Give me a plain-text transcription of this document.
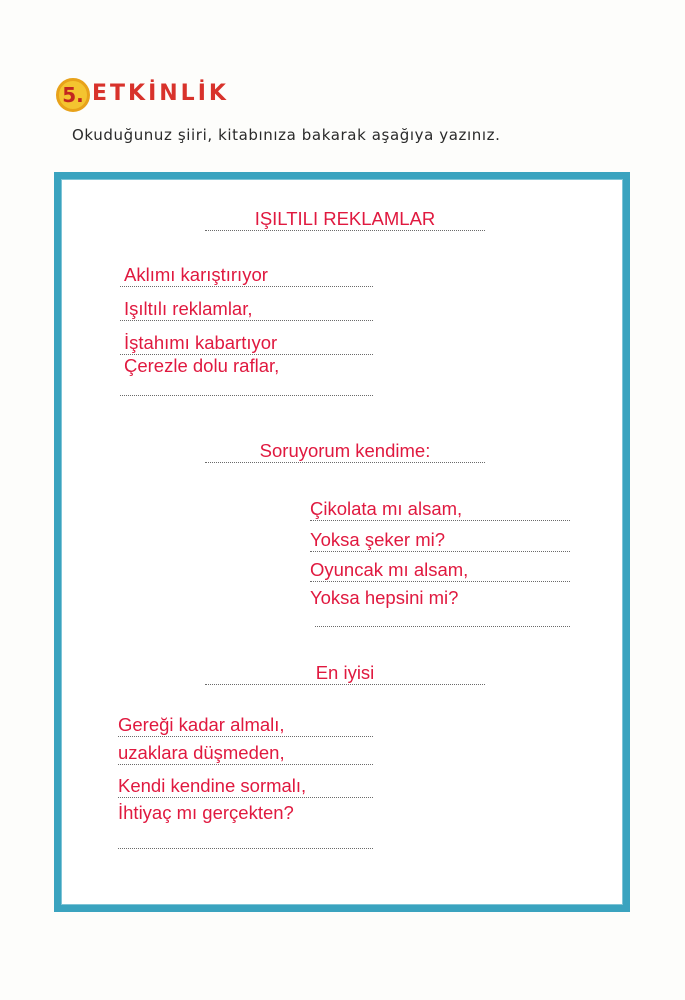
5. ETKİNLİK
Okuduğunuz şiiri, kitabınıza bakarak aşağıya yazınız.
IŞILTILI REKLAMLAR
Aklımı karıştırıyor
Işıltılı reklamlar,
İştahımı kabartıyor
Çerezle dolu raflar,
Soruyorum kendime:
Çikolata mı alsam,
Yoksa şeker mi?
Oyuncak mı alsam,
Yoksa hepsini mi?
En iyisi
Gereği kadar almalı,
uzaklara düşmeden,
Kendi kendine sormalı,
İhtiyaç mı gerçekten?
